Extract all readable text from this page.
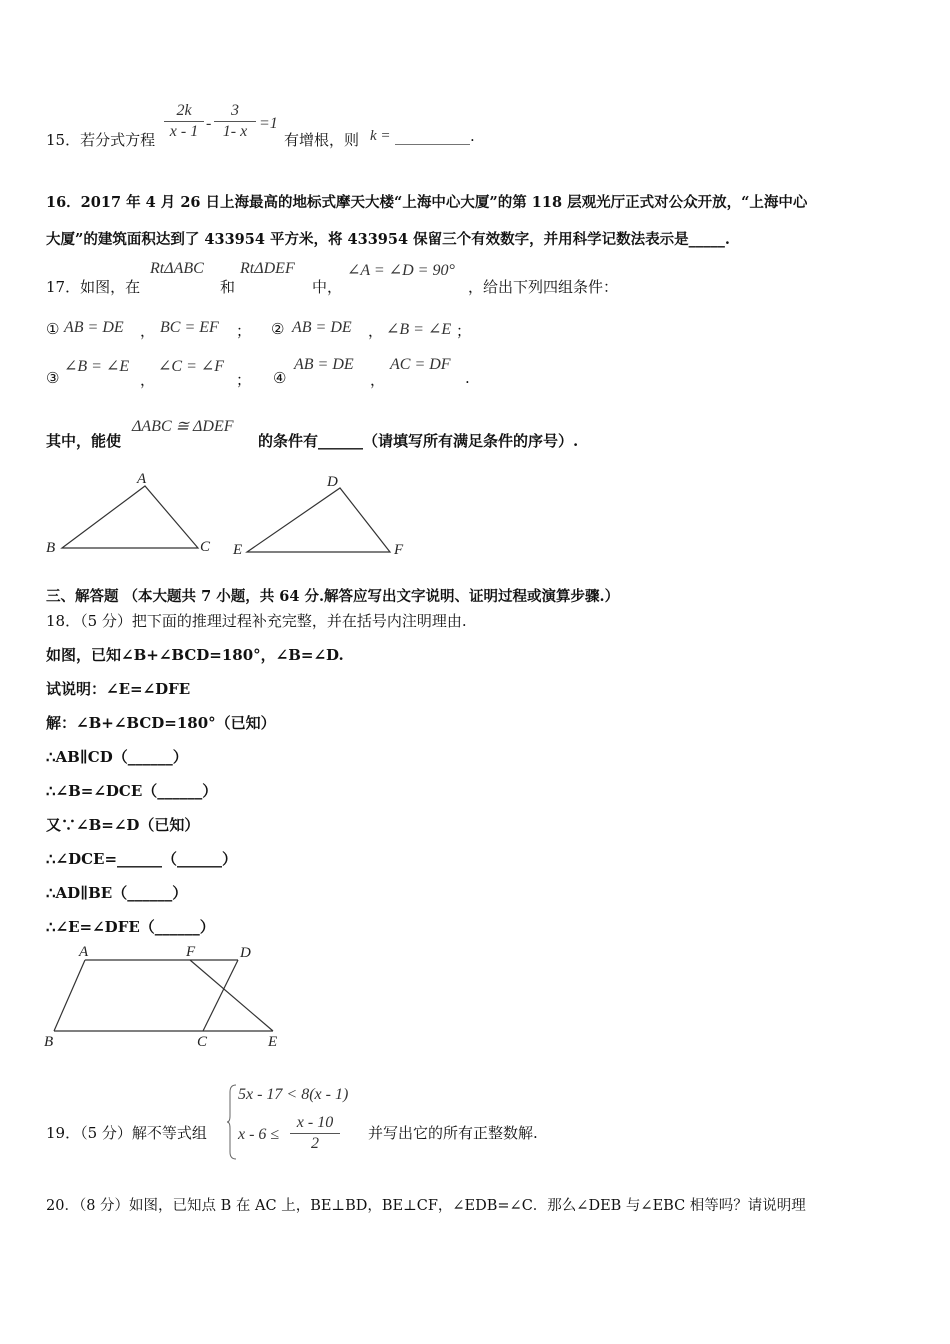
15．若分式方程
2k
x - 1 -
3
1- x =1
有增根，则 k = __________.
16．2017 年 4 月 26 日上海最高的地标式摩天大楼“上海中心大厦”的第 118 层观光厅正式对公众开放，“上海中心
大厦”的建筑面积达到了 433954 平方米，将 433954 保留三个有效数字，并用科学记数法表示是_____.
17．如图，在
RtΔABC
和
RtΔDEF
中，
∠A = ∠D = 90°
，给出下列四组条件：
① AB = DE ， BC = EF ； ② AB = DE ， ∠B = ∠E ；
③
∠B = ∠E
，
∠C = ∠F
； ④
AB = DE
，
AC = DF
.
其中，能使
ΔABC ≅ ΔDEF
的条件有______（请填写所有满足条件的序号）.
A
B	C
D
E	F
三、解答题 （本大题共 7 小题，共 64 分.解答应写出文字说明、证明过程或演算步骤.）
18．（5 分）把下面的推理过程补充完整，并在括号内注明理由.
如图，已知∠B+∠BCD=180°，∠B=∠D.
试说明：∠E=∠DFE
解：∠B+∠BCD=180°（已知）
∴AB∥CD（______）
∴∠B=∠DCE（______）
又∵∠B=∠D（已知）
∴∠DCE=______（______）
∴AD∥BE（______）
∴∠E=∠DFE（______）
A	F	D
B	C	E
19．（5 分）解不等式组
5x - 17 < 8(x - 1)
x - 6 ≤
x - 10
2
并写出它的所有正整数解.
20．（8 分）如图，已知点 B 在 AC 上，BE⊥BD，BE⊥CF，∠EDB=∠C．那么∠DEB 与∠EBC 相等吗？请说明理
